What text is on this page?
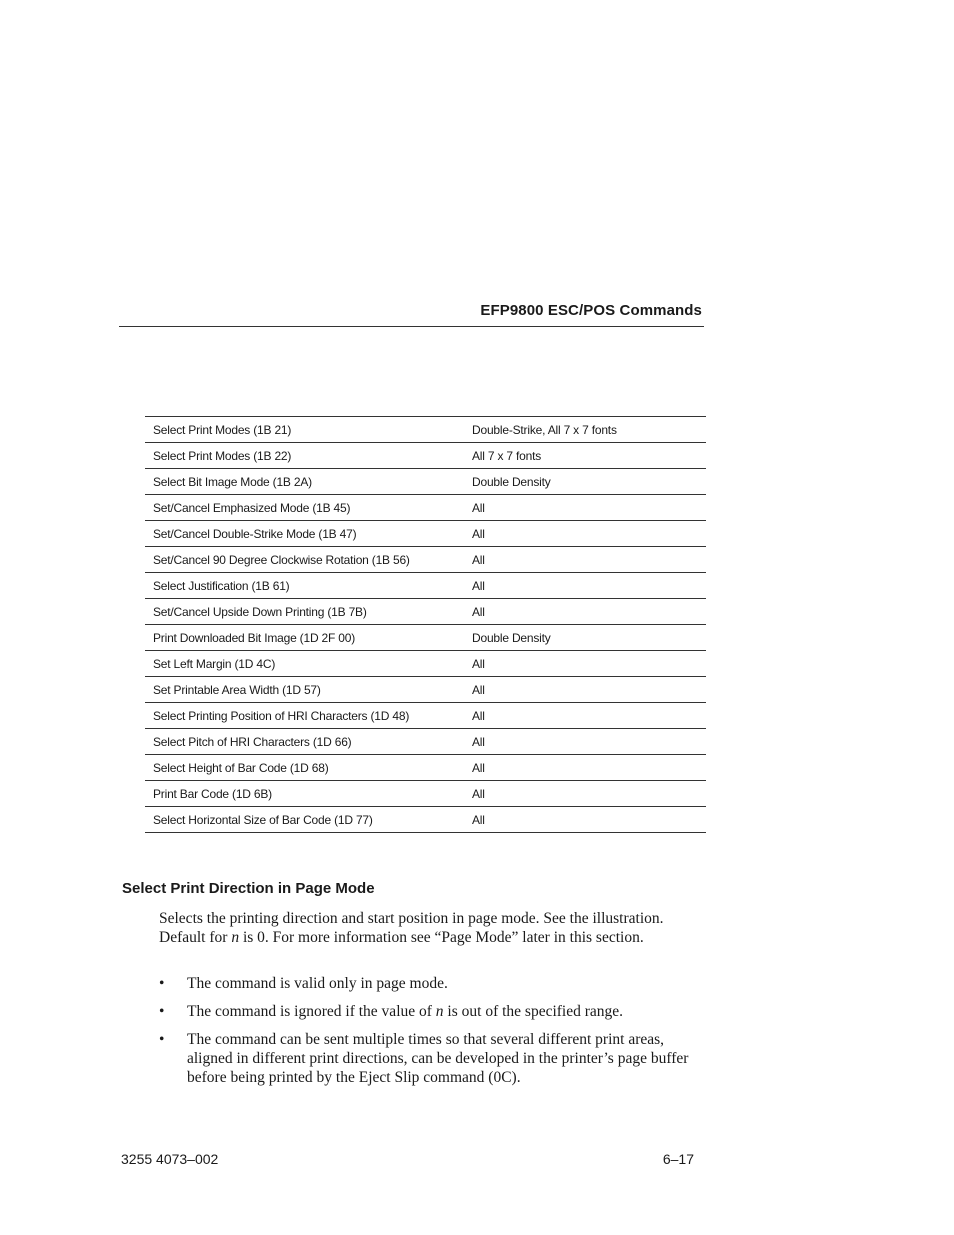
EFP9800 ESC/POS Commands
Select Print Modes (1B 21)	Double-Strike, All 7 x 7 fonts
Select Print Modes (1B 22)	All 7 x 7 fonts
Select Bit Image Mode (1B 2A)	Double Density
Set/Cancel Emphasized Mode (1B 45)	All
Set/Cancel Double-Strike Mode (1B 47)	All
Set/Cancel 90 Degree Clockwise Rotation (1B 56)	All
Select Justification (1B 61)	All
Set/Cancel Upside Down Printing (1B 7B)	All
Print Downloaded Bit Image (1D 2F 00)	Double Density
Set Left Margin (1D 4C)	All
Set Printable Area Width (1D 57)	All
Select Printing Position of HRI Characters (1D 48)	All
Select Pitch of HRI Characters (1D 66)	All
Select Height of Bar Code (1D 68)	All
Print Bar Code (1D 6B)	All
Select Horizontal Size of Bar Code (1D 77)	All
Select Print Direction in Page Mode

Selects the printing direction and start position in page mode. See the illustration. Default for n is 0. For more information see “Page Mode” later in this section.

• The command is valid only in page mode.
• The command is ignored if the value of n is out of the specified range.
• The command can be sent multiple times so that several different print areas, aligned in different print directions, can be developed in the printer’s page buffer before being printed by the Eject Slip command (0C).
3255 4073–002	6–17
